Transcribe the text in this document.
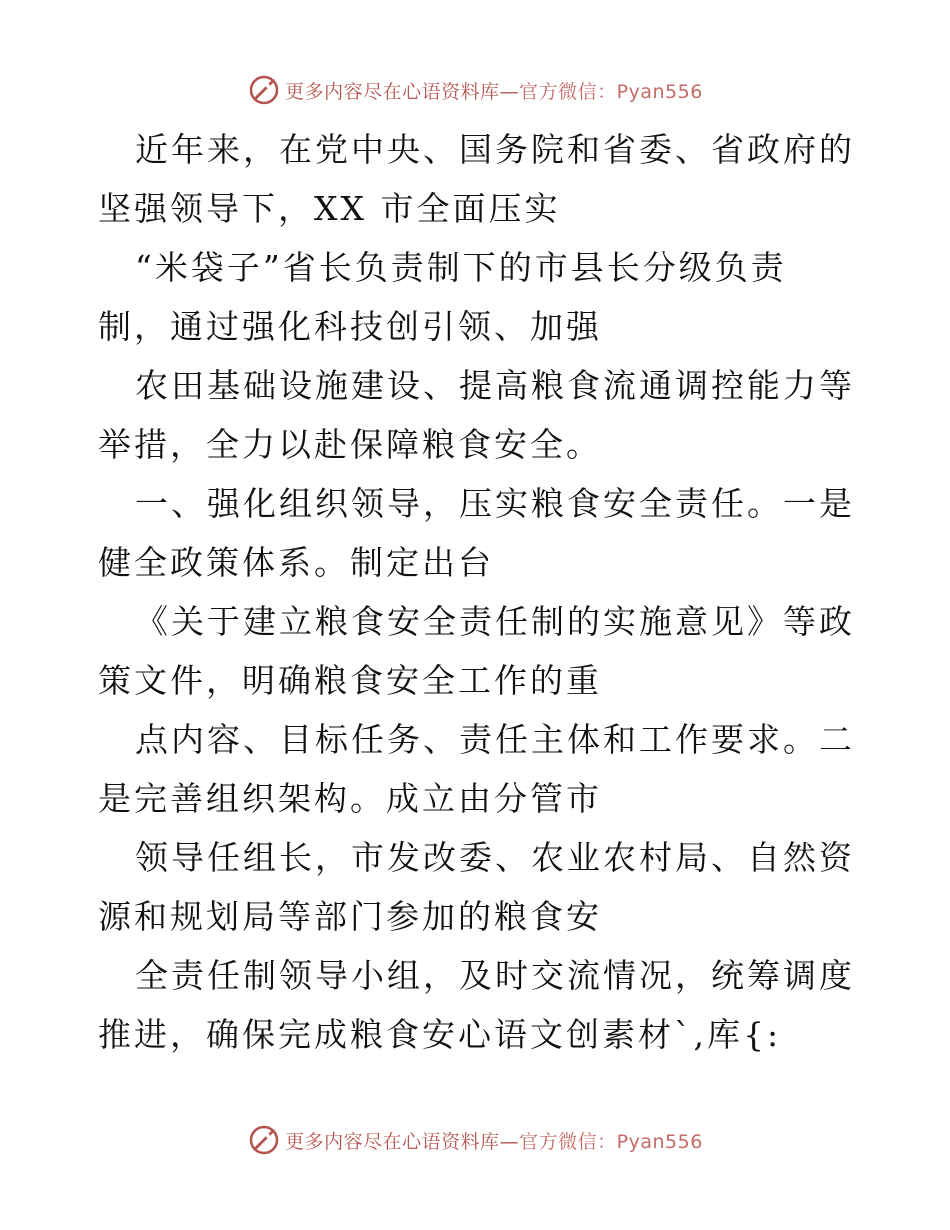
更多内容尽在心语资料库—官方微信：Pyan556

近年来，在党中央、国务院和省委、省政府的坚强领导下，XX 市全面压实

“米袋子”省长负责制下的市县长分级负责制，通过强化科技创引领、加强

农田基础设施建设、提高粮食流通调控能力等举措，全力以赴保障粮食安全。

一、强化组织领导，压实粮食安全责任。一是健全政策体系。制定出台

《关于建立粮食安全责任制的实施意见》等政策文件，明确粮食安全工作的重

点内容、目标任务、责任主体和工作要求。二是完善组织架构。成立由分管市

领导任组长，市发改委、农业农村局、自然资源和规划局等部门参加的粮食安

全责任制领导小组，及时交流情况，统筹调度推进，确保完成粮食安心语文创素材`,库{:

更多内容尽在心语资料库—官方微信：Pyan556
